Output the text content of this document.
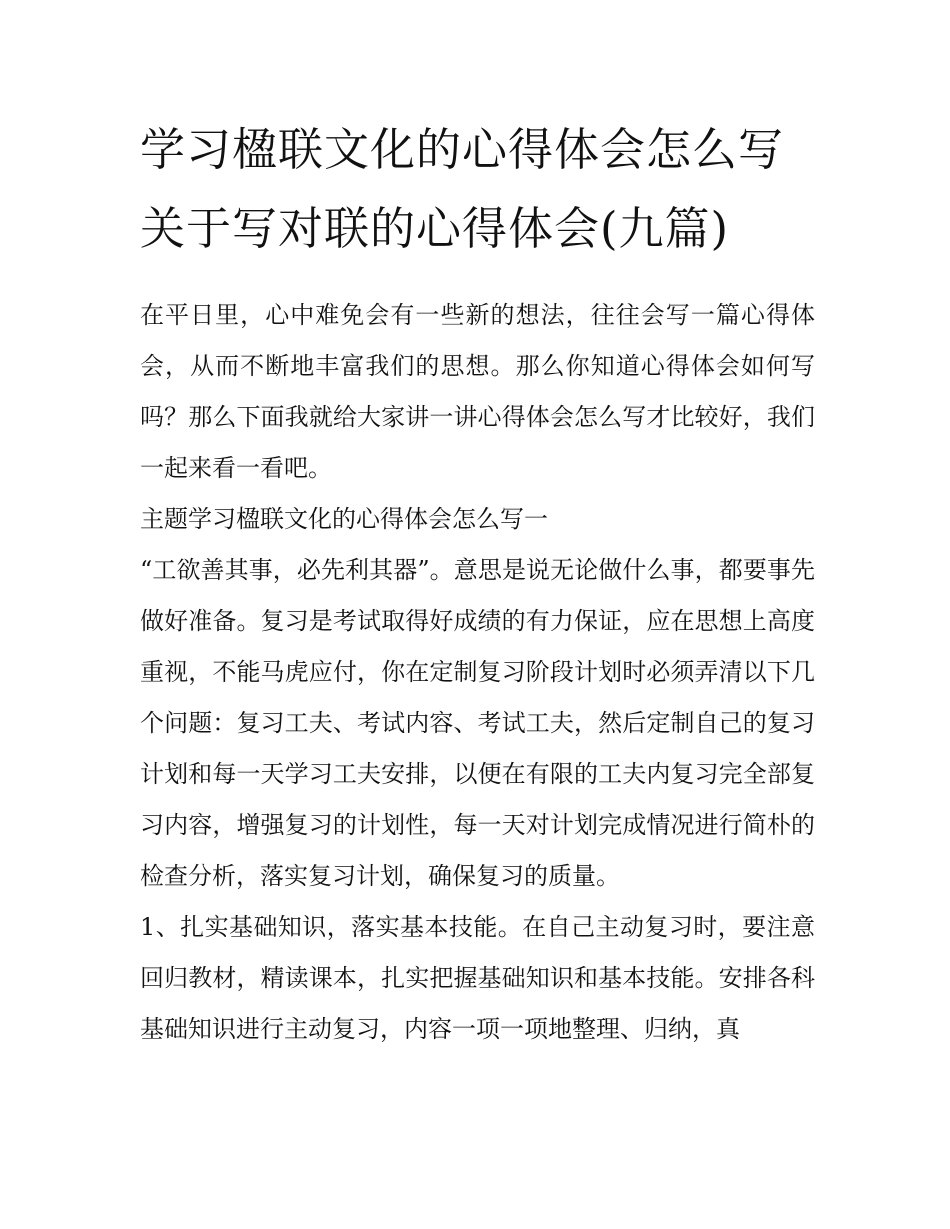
学习楹联文化的心得体会怎么写 关于写对联的心得体会(九篇)

在平日里，心中难免会有一些新的想法，往往会写一篇心得体会，从而不断地丰富我们的思想。那么你知道心得体会如何写吗？那么下面我就给大家讲一讲心得体会怎么写才比较好，我们一起来看一看吧。

主题学习楹联文化的心得体会怎么写一

“工欲善其事，必先利其器”。意思是说无论做什么事，都要事先做好准备。复习是考试取得好成绩的有力保证，应在思想上高度重视，不能马虎应付，你在定制复习阶段计划时必须弄清以下几个问题：复习工夫、考试内容、考试工夫，然后定制自己的复习计划和每一天学习工夫安排，以便在有限的工夫内复习完全部复习内容，增强复习的计划性，每一天对计划完成情况进行简朴的检查分析，落实复习计划，确保复习的质量。

1、扎实基础知识，落实基本技能。在自己主动复习时，要注意回归教材，精读课本，扎实把握基础知识和基本技能。安排各科基础知识进行主动复习，内容一项一项地整理、归纳，真
